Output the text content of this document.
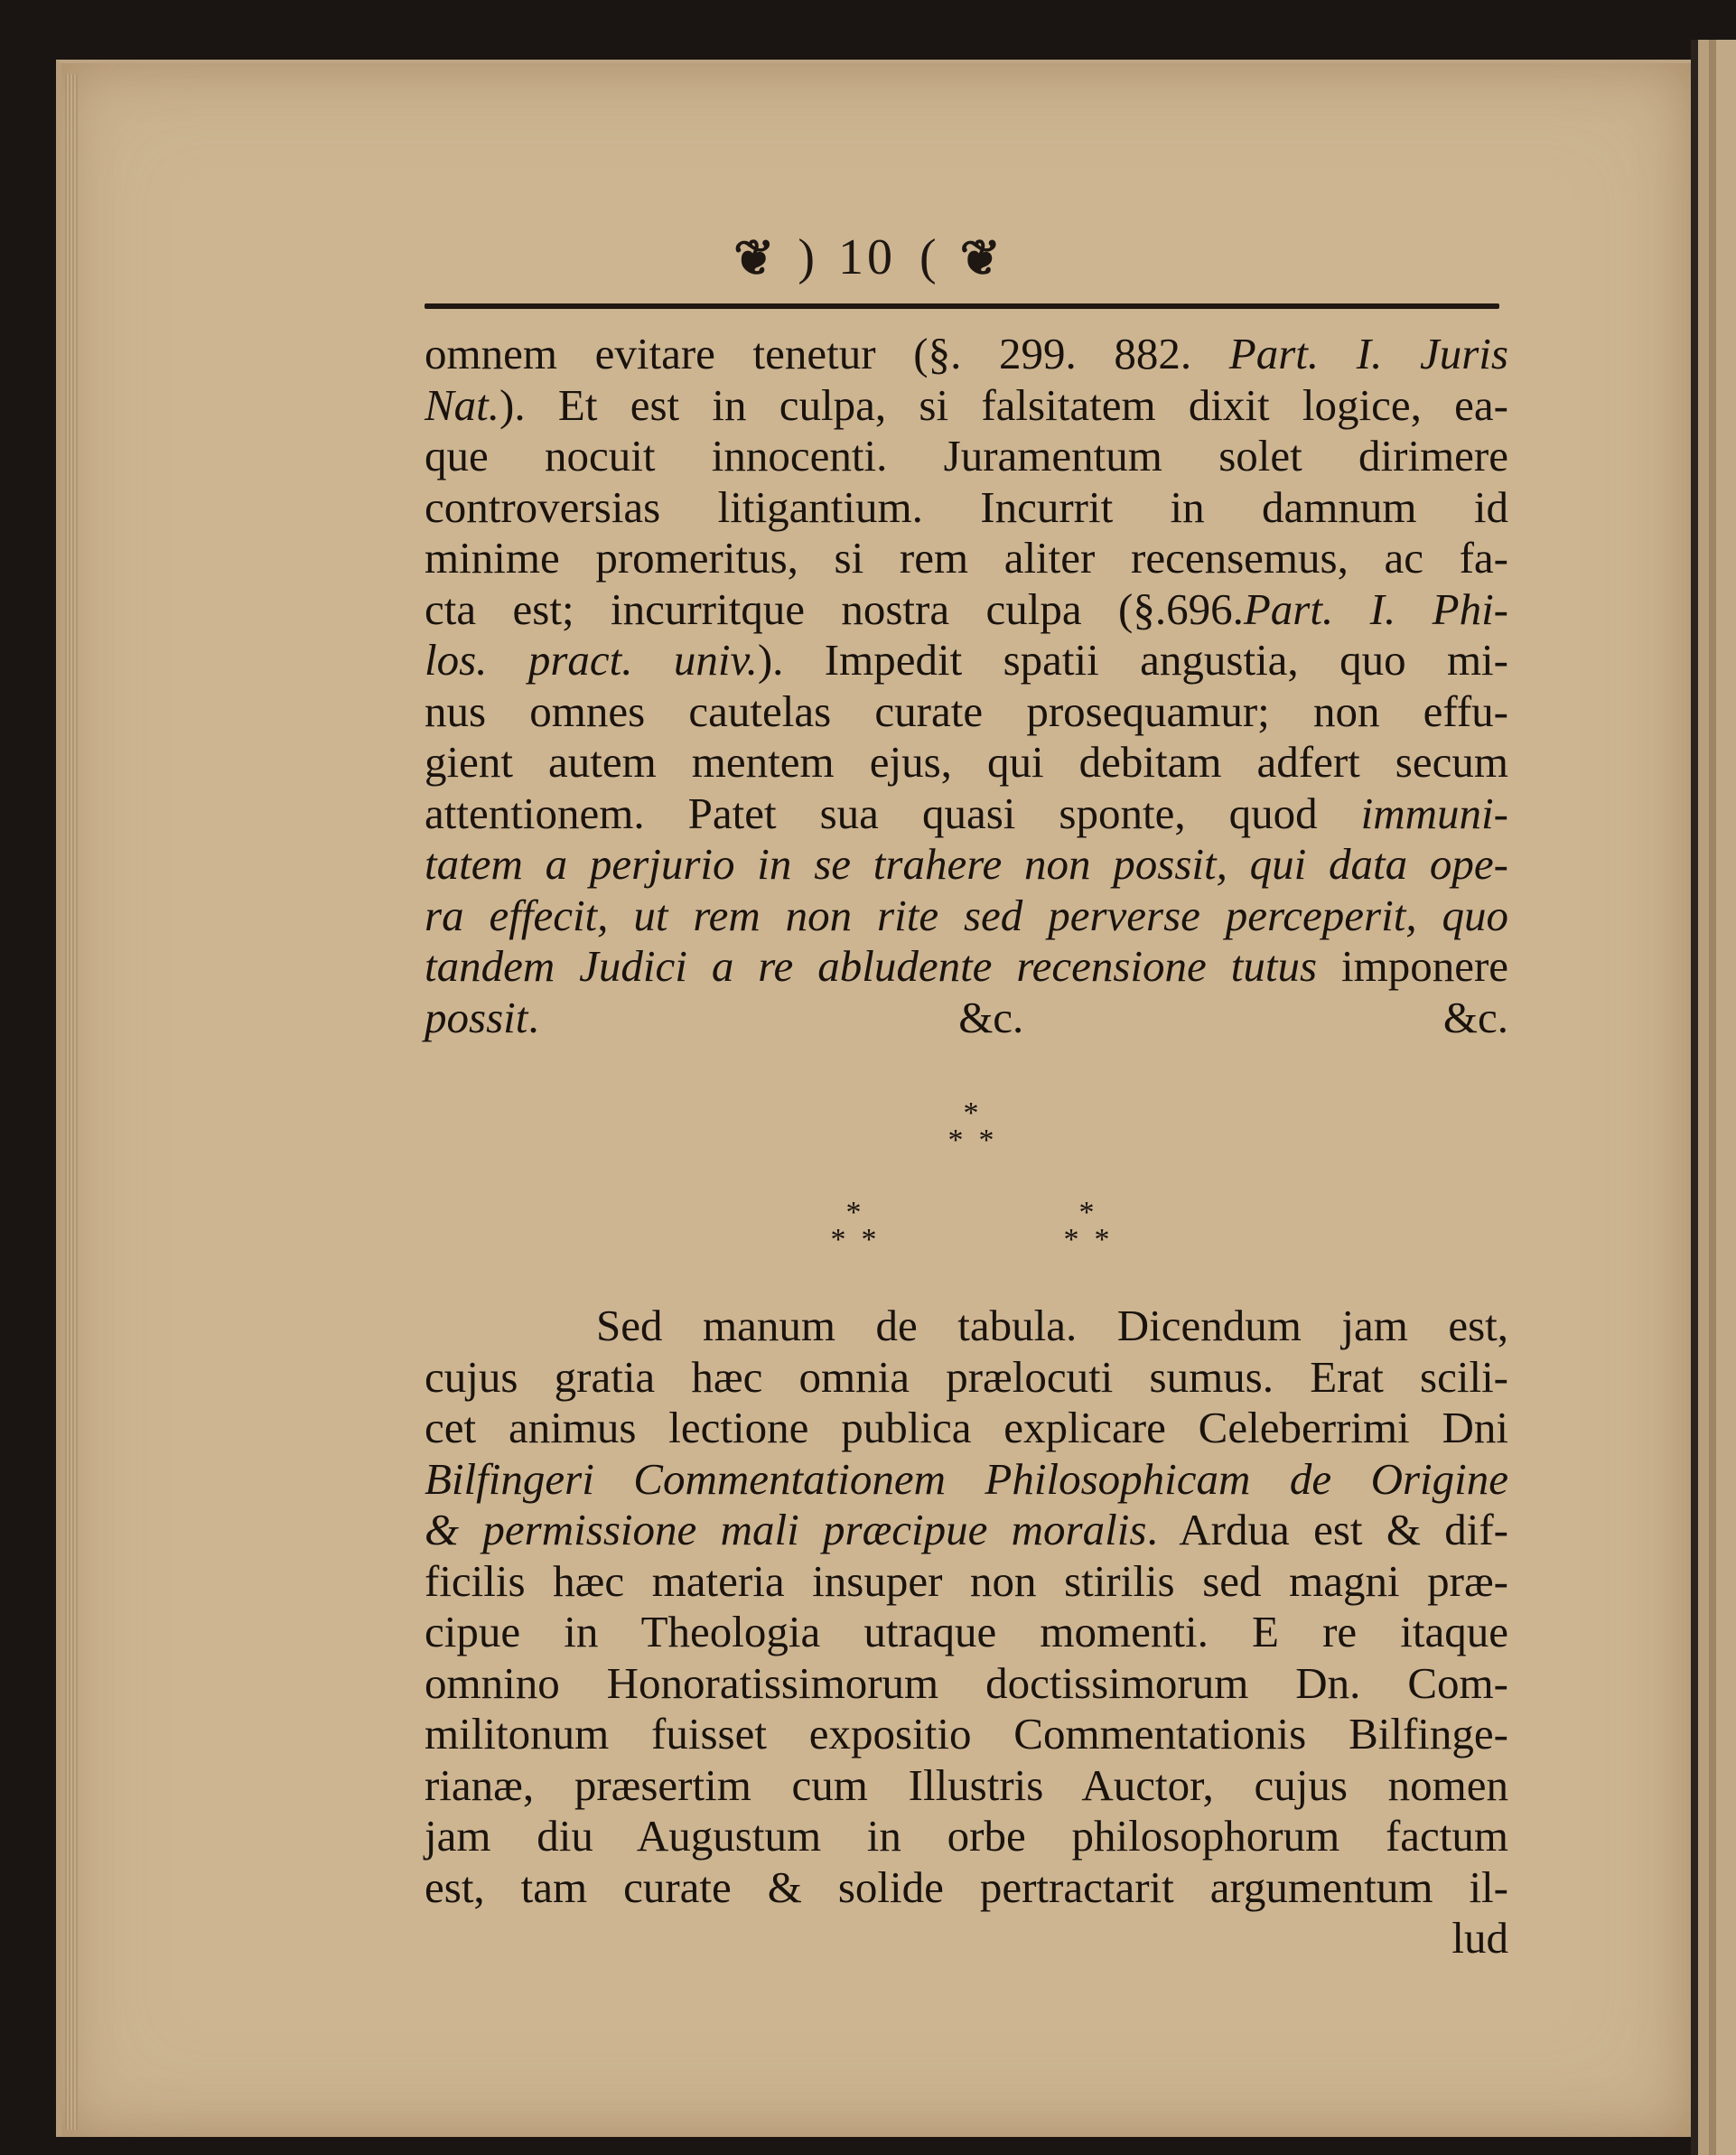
❦ ) 10 ( ❦
omnem evitare tenetur (§. 299. 882. Part. I. Juris
Nat.). Et est in culpa, si falsitatem dixit logice, ea-
que nocuit innocenti. Juramentum solet dirimere
controversias litigantium. Incurrit in damnum id
minime promeritus, si rem aliter recensemus, ac fa-
cta est; incurritque nostra culpa (§.696.Part. I. Phi-
los. pract. univ.). Impedit spatii angustia, quo mi-
nus omnes cautelas curate prosequamur; non effu-
gient autem mentem ejus, qui debitam adfert secum
attentionem. Patet sua quasi sponte, quod immuni-
tatem a perjurio in se trahere non possit, qui data ope-
ra effecit, ut rem non rite sed perverse perceperit, quo
tandem Judici a re abludente recensione tutus imponere
possit. &c. &c.
*
* *
*
* *
*
* *
Sed manum de tabula. Dicendum jam est,
cujus gratia hæc omnia prælocuti sumus. Erat scili-
cet animus lectione publica explicare Celeberrimi Dni
Bilfingeri Commentationem Philosophicam de Origine
& permissione mali præcipue moralis. Ardua est & dif-
ficilis hæc materia insuper non stirilis sed magni præ-
cipue in Theologia utraque momenti. E re itaque
omnino Honoratissimorum doctissimorum Dn. Com-
militonum fuisset expositio Commentationis Bilfinge-
rianæ, præsertim cum Illustris Auctor, cujus nomen
jam diu Augustum in orbe philosophorum factum
est, tam curate & solide pertractarit argumentum il-
lud
